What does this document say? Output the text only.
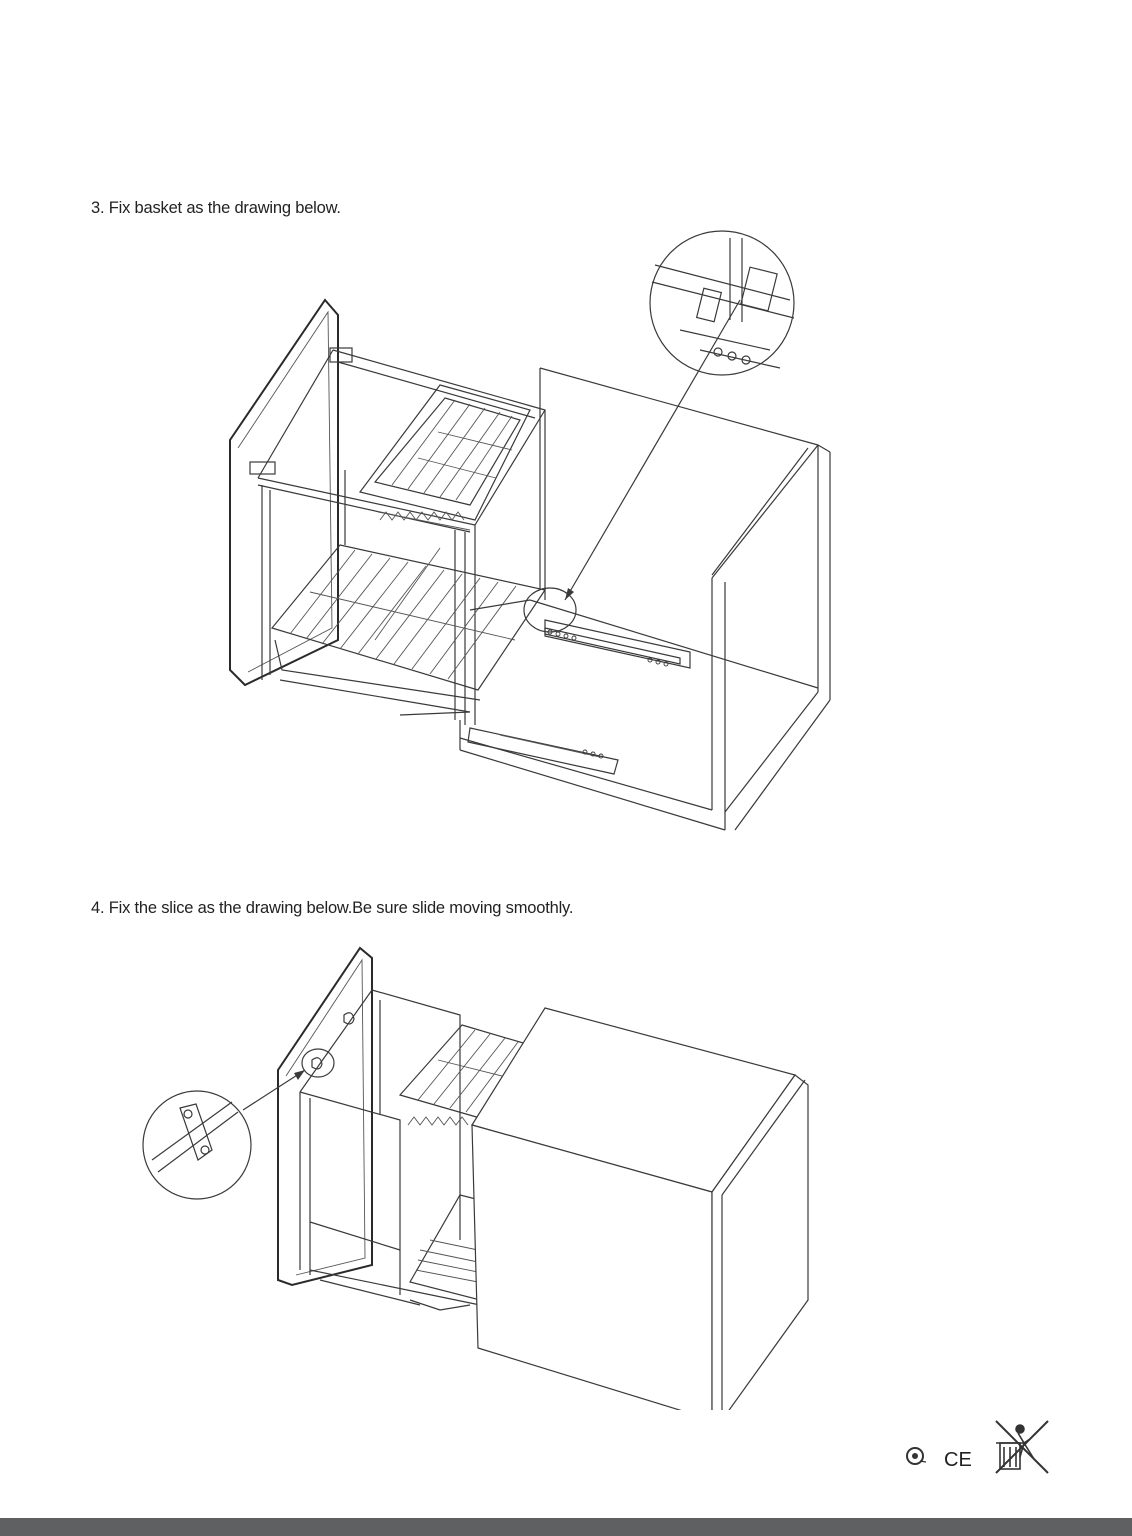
3. Fix basket as the drawing below.
4. Fix the slice as the drawing below.Be sure slide moving smoothly.
CE
